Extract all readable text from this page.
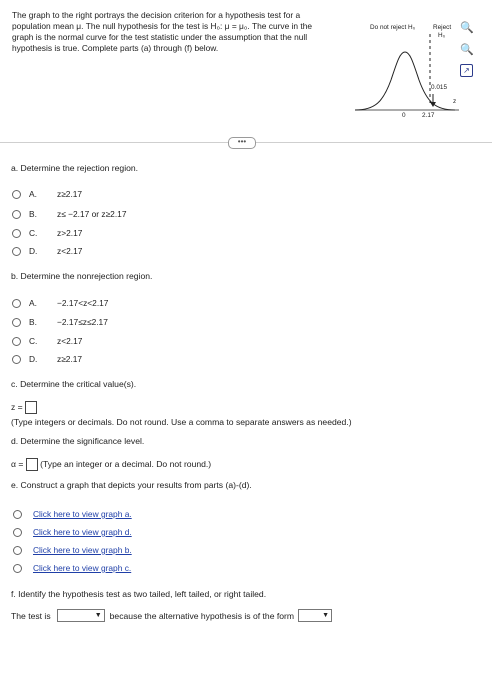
The graph to the right portrays the decision criterion for a hypothesis test for a
population mean μ. The null hypothesis for the test is H₀: μ = μ₀. The curve in the
graph is the normal curve for the test statistic under the assumption that the null
hypothesis is true. Complete parts (a) through (f) below.
Do not reject H₀	Reject
H₀
0.015
0	2.17
z
🔍
🔍
↗
•••
a. Determine the rejection region.
A.	z≥2.17
B.	z≤ −2.17 or z≥2.17
C.	z>2.17
D.	z<2.17
b. Determine the nonrejection region.
A.	−2.17<z<2.17
B.	−2.17≤z≤2.17
C.	z<2.17
D.	z≥2.17
c. Determine the critical value(s).
z =
(Type integers or decimals. Do not round. Use a comma to separate answers as needed.)
d. Determine the significance level.
α = (Type an integer or a decimal. Do not round.)
e. Construct a graph that depicts your results from parts (a)-(d).
Click here to view graph a.
Click here to view graph d.
Click here to view graph b.
Click here to view graph c.
f. Identify the hypothesis test as two tailed, left tailed, or right tailed.
The test is	▼ because the alternative hypothesis is of the form	▼
